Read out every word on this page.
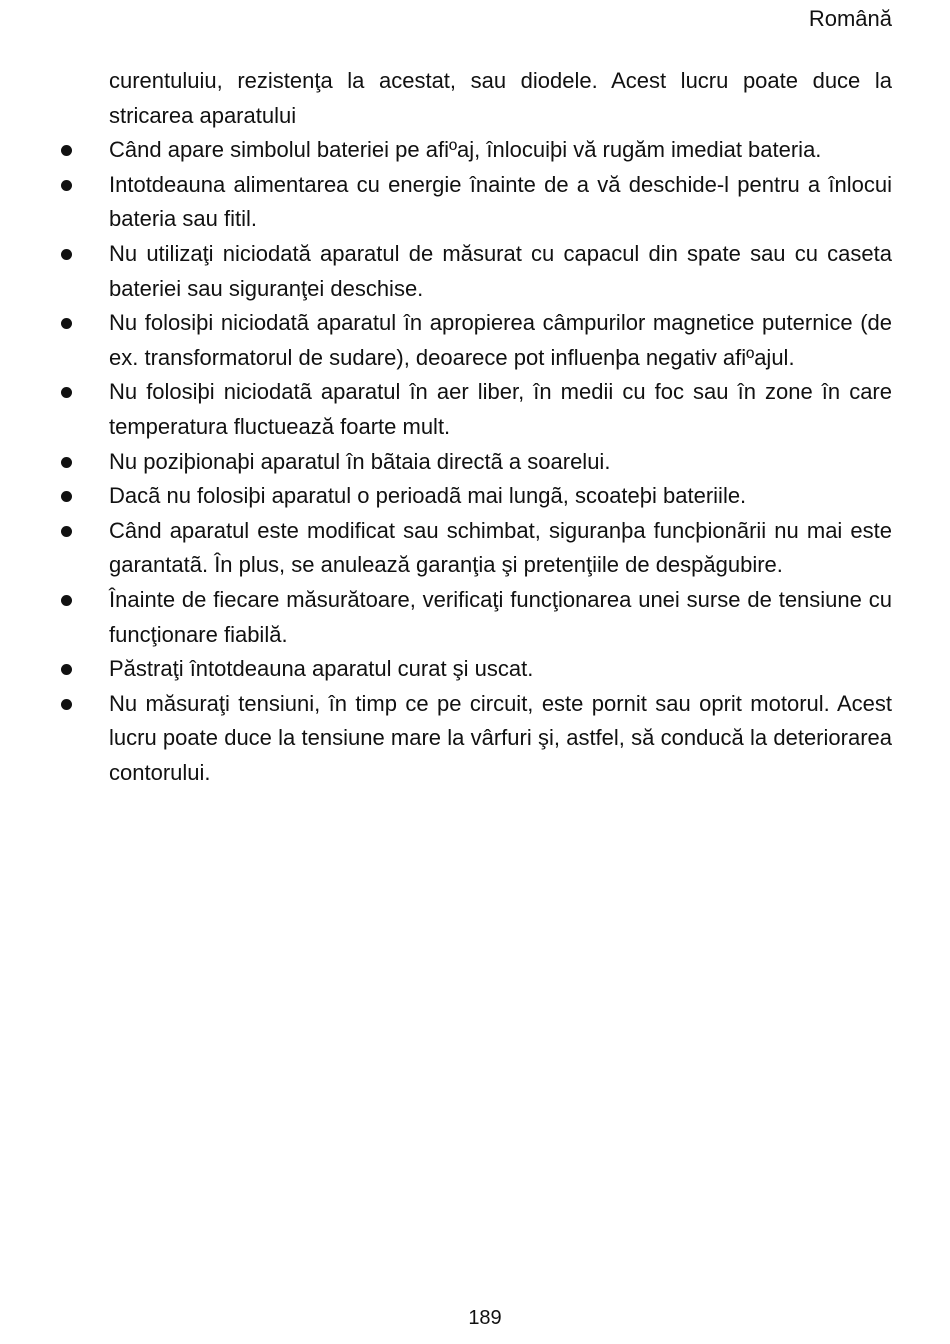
Română

curentuluiu, rezistenţa la acestat, sau diodele. Acest lucru poate duce la stricarea aparatului

Când apare simbolul bateriei pe afiºaj, înlocuiþi vă rugăm imediat bateria.
Intotdeauna alimentarea cu energie înainte de a vă deschide-l pentru a înlocui bateria sau fitil.
Nu utilizaţi niciodată aparatul de măsurat cu capacul din spate sau cu caseta bateriei sau siguranţei deschise.
Nu folosiþi niciodatã aparatul în apropierea câmpurilor magnetice puternice (de ex. transformatorul de sudare), deoarece pot influenþa negativ afiºajul.
Nu folosiþi niciodatã aparatul în aer liber, în medii cu foc sau în zone în care temperatura fluctuează foarte mult.
Nu poziþionaþi aparatul în bãtaia directã a soarelui.
Dacã nu folosiþi aparatul o perioadã mai lungã, scoateþi bateriile.
Când aparatul este modificat sau schimbat, siguranþa funcþionãrii nu mai este garantatã. În plus, se anulează garanţia şi pretenţiile de despăgubire.
Înainte de fiecare măsurătoare, verificaţi funcţionarea unei surse de tensiune cu funcţionare fiabilă.
Păstraţi întotdeauna aparatul curat şi uscat.
Nu măsuraţi tensiuni, în timp ce pe circuit, este pornit sau oprit motorul. Acest lucru poate duce la tensiune mare la vârfuri şi, astfel, să conducă la deteriorarea contorului.
189
